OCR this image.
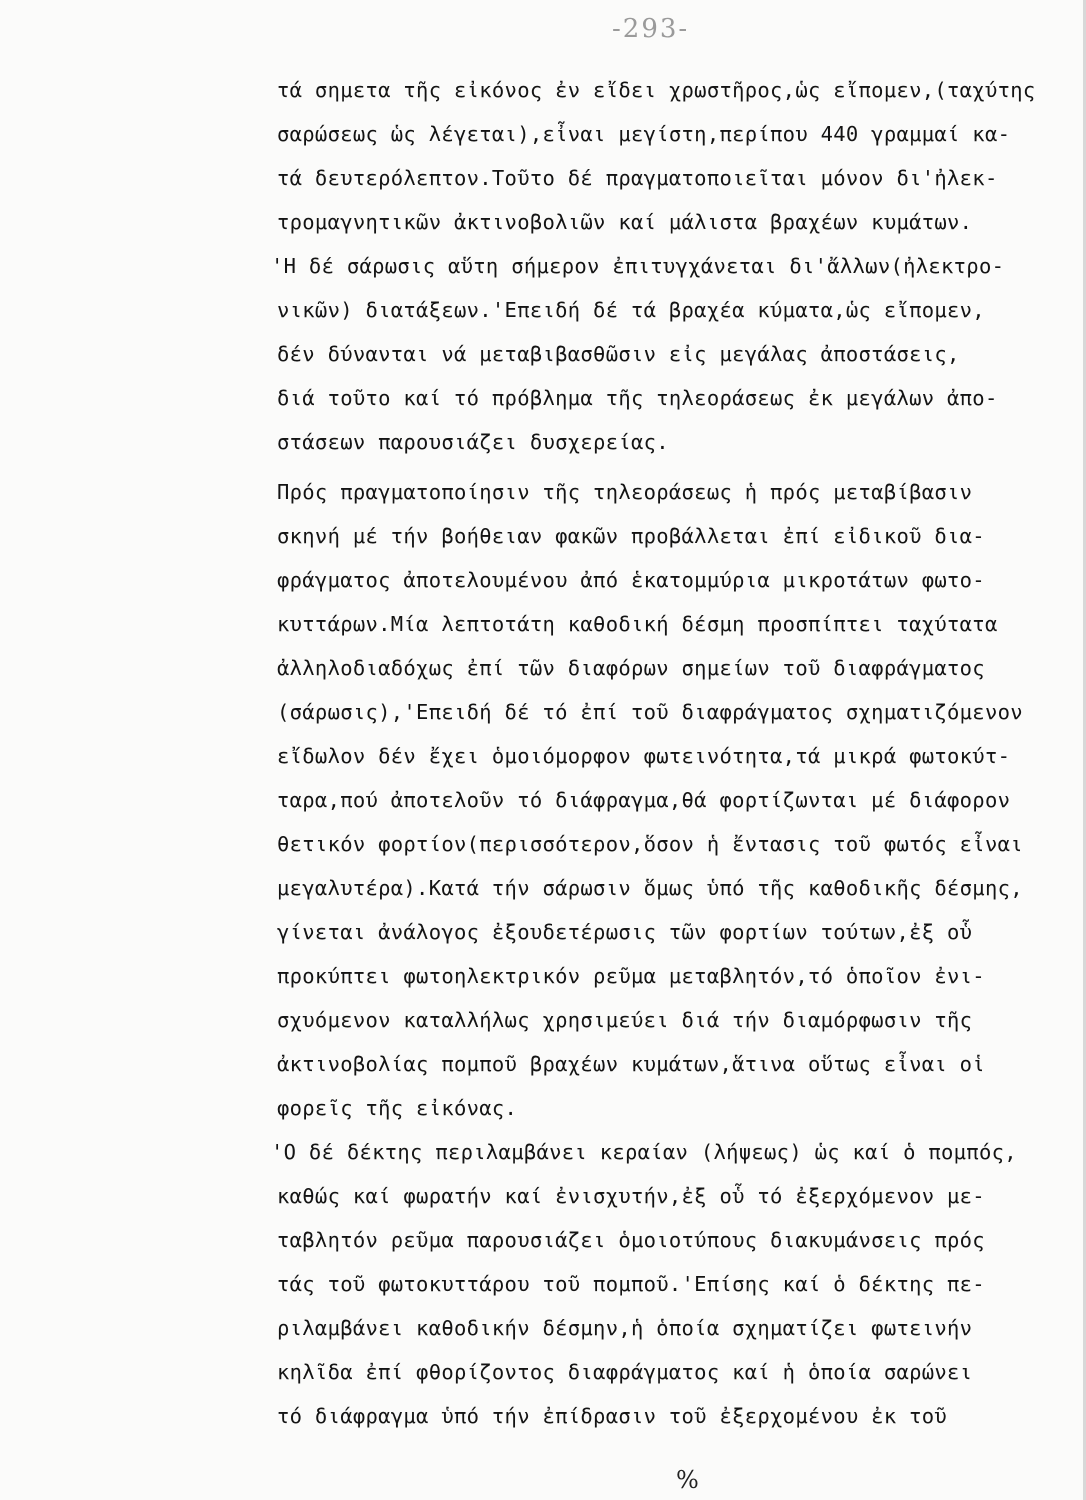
-293-
τά σημετα τῆς εἰκόνος ἐν εἴδει χρωστῆρος,ὡς εἴπομεν,(ταχύτης
σαρώσεως ὡς λέγεται),εἶναι μεγίστη,περίπου 440 γραμμαί κα-
τά δευτερόλεπτον.Τοῦτο δέ πραγματοποιεῖται μόνον δι'ἠλεκ-
τρομαγνητικῶν ἀκτινοβολιῶν καί μάλιστα βραχέων κυμάτων.
'Η δέ σάρωσις αὕτη σήμερον ἐπιτυγχάνεται δι'ἄλλων(ἠλεκτρο-
νικῶν) διατάξεων.'Επειδή δέ τά βραχέα κύματα,ὡς εἴπομεν,
δέν δύνανται νά μεταβιβασθῶσιν εἰς μεγάλας ἀποστάσεις,
διά τοῦτο καί τό πρόβλημα τῆς τηλεοράσεως ἐκ μεγάλων ἀπο-
στάσεων παρουσιάζει δυσχερείας.
Πρός πραγματοποίησιν τῆς τηλεοράσεως ἡ πρός μεταβίβασιν
σκηνή μέ τήν βοήθειαν φακῶν προβάλλεται ἐπί εἰδικοῦ δια-
φράγματος ἀποτελουμένου ἀπό ἑκατομμύρια μικροτάτων φωτο-
κυττάρων.Μία λεπτοτάτη καθοδική δέσμη προσπίπτει ταχύτατα
ἀλληλοδιαδόχως ἐπί τῶν διαφόρων σημείων τοῦ διαφράγματος
(σάρωσις),'Επειδή δέ τό ἐπί τοῦ διαφράγματος σχηματιζόμενον
εἴδωλον δέν ἔχει ὁμοιόμορφον φωτεινότητα,τά μικρά φωτοκύτ-
ταρα,πού ἀποτελοῦν τό διάφραγμα,θά φορτίζωνται μέ διάφορον
θετικόν φορτίον(περισσότερον,ὅσον ἡ ἔντασις τοῦ φωτός εἶναι
μεγαλυτέρα).Κατά τήν σάρωσιν ὅμως ὑπό τῆς καθοδικῆς δέσμης,
γίνεται ἀνάλογος ἐξουδετέρωσις τῶν φορτίων τούτων,ἐξ οὗ
προκύπτει φωτοηλεκτρικόν ρεῦμα μεταβλητόν,τό ὁποῖον ἐνι-
σχυόμενον καταλλήλως χρησιμεύει διά τήν διαμόρφωσιν τῆς
ἀκτινοβολίας πομποῦ βραχέων κυμάτων,ἅτινα οὕτως εἶναι οἱ
φορεῖς τῆς εἰκόνας.
'Ο δέ δέκτης περιλαμβάνει κεραίαν (λήψεως) ὡς καί ὁ πομπός,
καθώς καί φωρατήν καί ἐνισχυτήν,ἐξ οὗ τό ἐξερχόμενον με-
ταβλητόν ρεῦμα παρουσιάζει ὁμοιοτύπους διακυμάνσεις πρός
τάς τοῦ φωτοκυττάρου τοῦ πομποῦ.'Επίσης καί ὁ δέκτης πε-
ριλαμβάνει καθοδικήν δέσμην,ἡ ὁποία σχηματίζει φωτεινήν
κηλῖδα ἐπί φθορίζοντος διαφράγματος καί ἡ ὁποία σαρώνει
τό διάφραγμα ὑπό τήν ἐπίδρασιν τοῦ ἐξερχομένου ἐκ τοῦ
%
